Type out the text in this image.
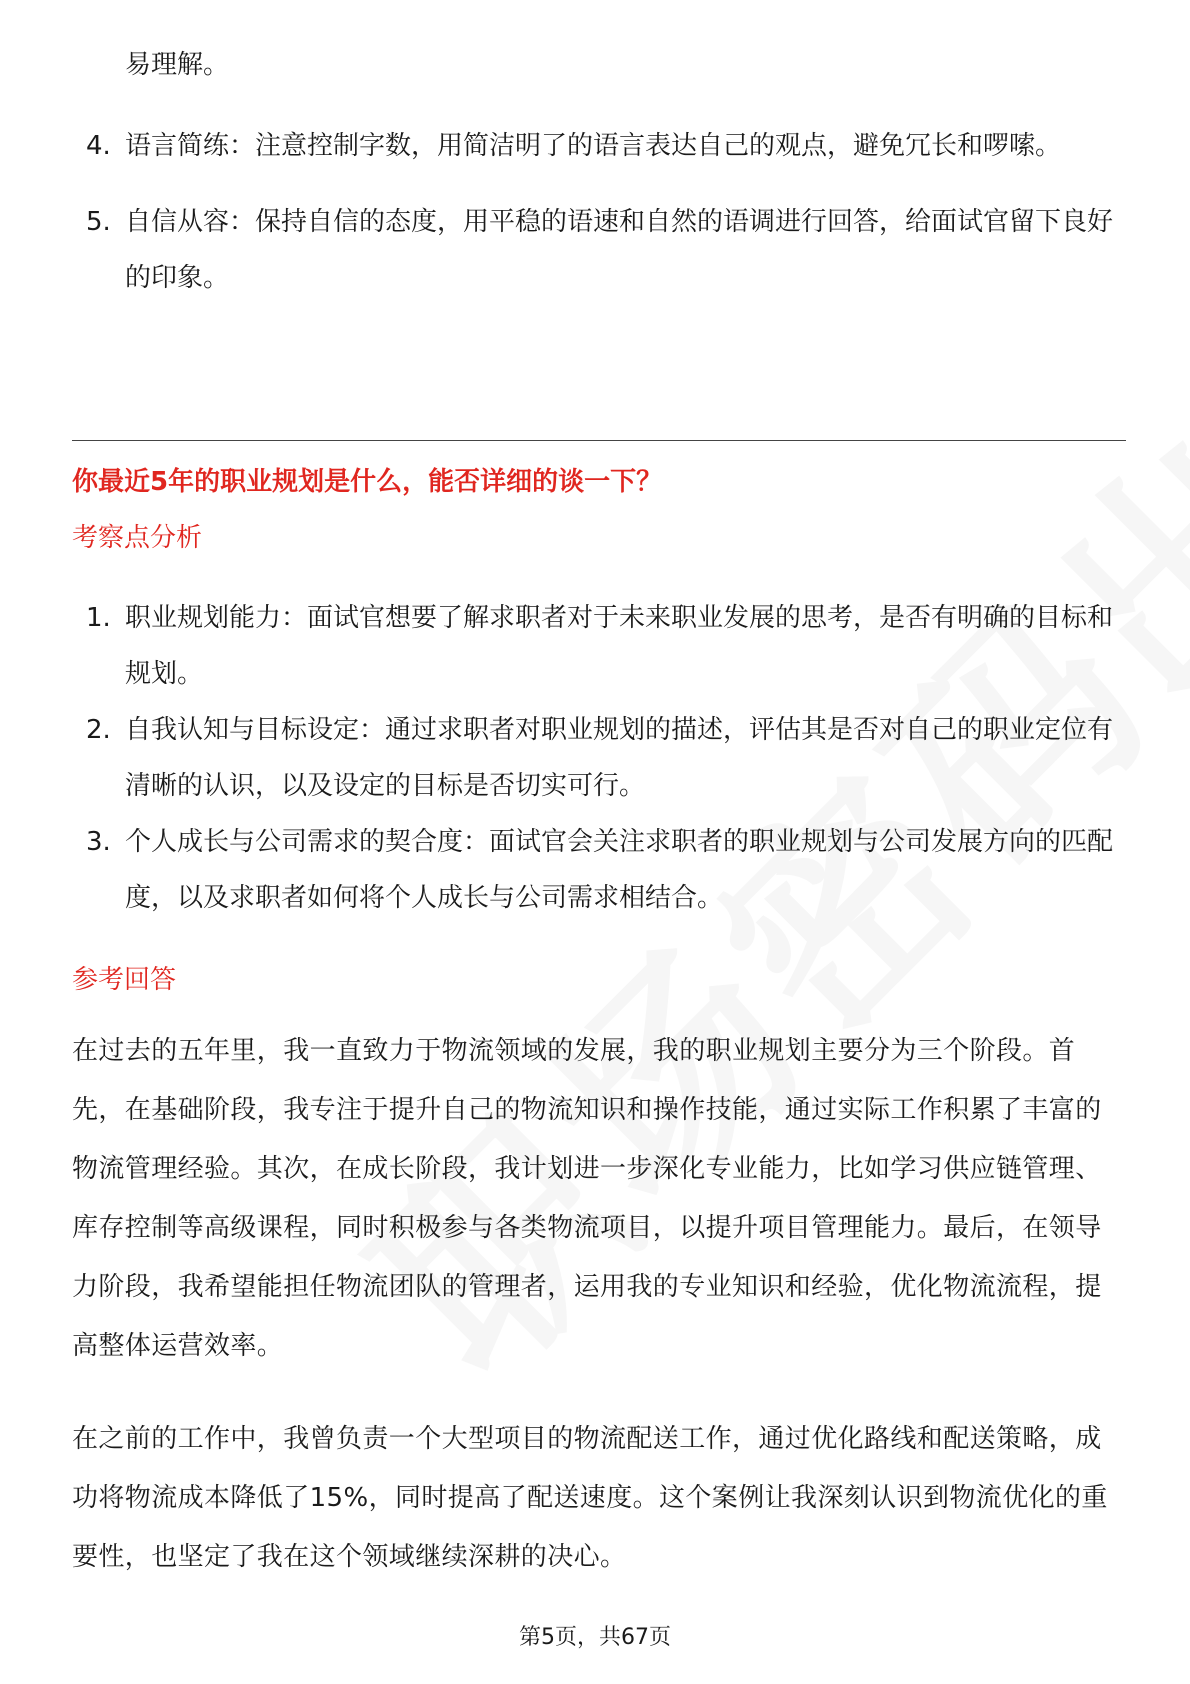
易理解。
4. 语言简练：注意控制字数，用简洁明了的语言表达自己的观点，避免冗长和啰嗦。
5. 自信从容：保持自信的态度，用平稳的语速和自然的语调进行回答，给面试官留下良好的印象。
你最近5年的职业规划是什么，能否详细的谈一下？
考察点分析
1. 职业规划能力：面试官想要了解求职者对于未来职业发展的思考，是否有明确的目标和规划。
2. 自我认知与目标设定：通过求职者对职业规划的描述，评估其是否对自己的职业定位有清晰的认识，以及设定的目标是否切实可行。
3. 个人成长与公司需求的契合度：面试官会关注求职者的职业规划与公司发展方向的匹配度，以及求职者如何将个人成长与公司需求相结合。
参考回答
在过去的五年里，我一直致力于物流领域的发展，我的职业规划主要分为三个阶段。首先，在基础阶段，我专注于提升自己的物流知识和操作技能，通过实际工作积累了丰富的物流管理经验。其次，在成长阶段，我计划进一步深化专业能力，比如学习供应链管理、库存控制等高级课程，同时积极参与各类物流项目，以提升项目管理能力。最后，在领导力阶段，我希望能担任物流团队的管理者，运用我的专业知识和经验，优化物流流程，提高整体运营效率。
在之前的工作中，我曾负责一个大型项目的物流配送工作，通过优化路线和配送策略，成功将物流成本降低了15%，同时提高了配送速度。这个案例让我深刻认识到物流优化的重要性，也坚定了我在这个领域继续深耕的决心。
第5页，共67页
